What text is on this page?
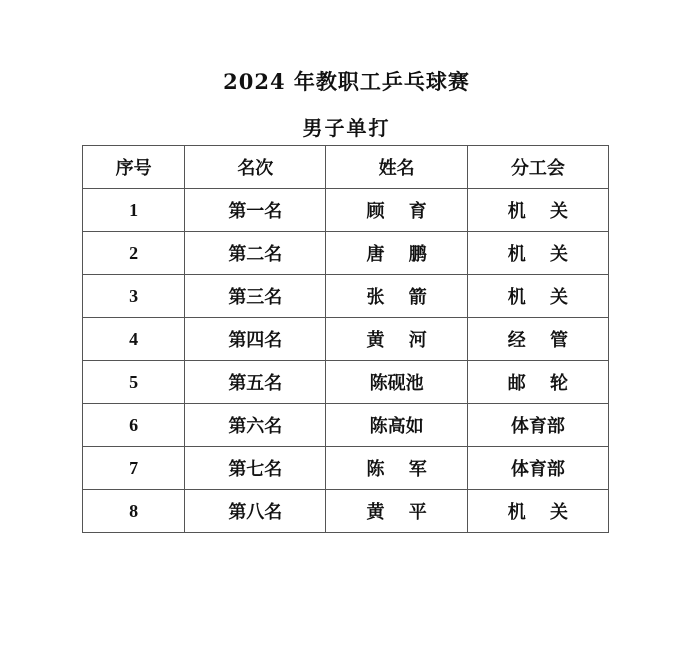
2024 年教职工乒乓球赛
男子单打
序号	名次	姓名	分工会
1	第一名	顾　 育	机　 关
2	第二名	唐　 鹏	机　 关
3	第三名	张　 箭	机　 关
4	第四名	黄　 河	经　 管
5	第五名	陈砚池	邮　 轮
6	第六名	陈高如	体育部
7	第七名	陈　 军	体育部
8	第八名	黄　 平	机　 关
